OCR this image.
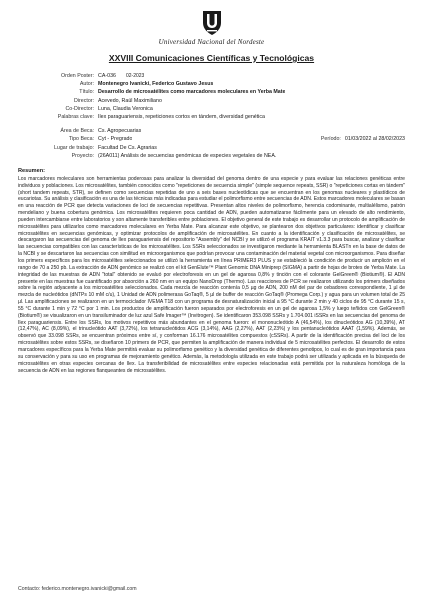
Universidad Nacional del Nordeste
XXVIII Comunicaciones Científicas y Tecnológicas
Orden Poster: CA-036 02-2023
Autor: Montenegro Ivanicki, Federico Gustavo Jesus
Título: Desarrollo de microsatélites como marcadores moleculares en Yerba Mate
Director: Acevedo, Raúl Maximiliano
Co-Director: Luna, Claudia Veronica
Palabras clave: Ilex paraguariensis, repeticiones cortos en tándem, diversidad genética
Área de Beca: Cs. Agropecuarias
Tipo Beca: Cyt - Pregrado	Período: 01/03/2022 al 28/02/2023
Lugar de trabajo: Facultad De Cs. Agrarias
Proyecto: (26A011) Análisis de secuencias genómicas de especies vegetales de NEA.
Resumen:
Los marcadores moleculares son herramientas poderosas para analizar la diversidad del genoma dentro de una especie y para evaluar las relaciones genéticas entre individuos y poblaciones. Los microsatélites, también conocidos como "repeticiones de secuencia simple" (simple sequence repeats, SSR) o "repeticiones cortas en tándem" (short tandem repeats, STR), se definen como secuencias repetidas de uno a seis bases nucleotídicas que se encuentran en los genomas nucleares y plastídicos de eucariotas. Su análisis y clasificación es una de las técnicas más indicadas para estudiar el polimorfismo entre secuencias de ADN. Estos marcadores moleculares se basan en una reacción de PCR que detecta variaciones de loci de secuencias repetitivas. Presentan altos niveles de polimorfismo, herencia codominante, multialélismo, patrón mendeliano y buena cobertura genómica. Los microsatélites requieren poca cantidad de ADN, pueden automatizarse fácilmente para un elevado de alto rendimiento, pueden intercambiarse entre laboratorios y son altamente transferibles entre poblaciones. El objetivo general de este trabajo es desarrollar un protocolo de amplificación de microsatélites para utilizarlos como marcadores moleculares en Yerba Mate. Para alcanzar este objetivo, se plantearon dos objetivos particulares: identificar y clasificar microsatélites en secuencias genómicas, y optimizar protocolos de amplificación de microsatélites. En cuanto a la identificación y clasificación de microsatélites, se descargaron las secuencias del genoma de Ilex paraguariensis del repositorio "Assembly" del NCBI y se utilizó el programa KRAIT v1.3.3 para buscar, analizar y clasificar las secuencias compatibles con las características de los microsatélites. Los SSRs seleccionados se investigaron mediante la herramienta BLASTn en la base de datos de la NCBI y se descartaron las secuencias con similitud en microorganismos que podrían provocar una contaminación del material vegetal con microorganismos. Para diseñar los primers específicos para los microsatélites seleccionados se utilizó la herramienta en línea PRIMER3 PLUS y se estableció la condición de producir un amplicón en el rango de 70 a 250 pb. La extracción de ADN genómico se realizó con el kit GenElute™ Plant Genomic DNA Miniprep (SIGMA) a partir de hojas de brotes de Yerba Mate. La integridad de las muestras de ADN "total" obtenido se evaluó por electroforesis en un gel de agarosa 0,8% y tinción con el colorante GelGreen® (Biotium®). El ADN presente en las muestras fue cuantificado por absorción a 260 nm en un equipo NanoDrop (Thermo). Las reacciones de PCR se realizaron utilizando los primers diseñados sobre la región adyacente a los microsatélites seleccionados. Cada mezcla de reacción contenía 0,5 µg de ADN, 200 nM del par de cebadores correspondiente, 1 µl de mezcla de nucleótidos (dNTPs 10 mM c/u), 1 Unidad de ADN polimerasa GoTaq®, 5 µl de buffer de reacción GoTaq® (Promega Corp.) y agua para un volumen total de 25 µl. Las amplificaciones se realizaron en un termociclador IVEMA T18 con un programa de desnaturalización inicial a 95 °C durante 2 min y 40 ciclos de 95 °C durante 15 s, 55 °C durante 1 min y 72 °C por 1 min. Los productos de amplificación fueron separados por electroforesis en un gel de agarosa 1,5% y luego teñidos con GelGreen® (Biotium®) se visualizaron en un transiluminador de luz azul Safe Imager™ (Invitrogen). Se identificaron 353.098 SSRs y 1.704.001 iSSRs en las secuencias del genoma de Ilex paraguariensis. Entre los SSRs, los motivos repetitivos más abundantes en el genoma fueron: el mononucleótido A (46,54%), los dinucleótidos AG (10,39%), AT (12,47%), AC (8,09%), el trinucleótido AAT (3,72%), los tetranucleótidos ACG (3,14%), AAG (2,27%), AAT (2,23%) y los pentanucleótidos AAAT (1,59%). Además, se observó que 33.098 SSRs, se encuentran próximos entre sí, y conforman 16.176 microsatélites compuestos (cSSRs). A partir de la identificación precisa del loci de los microsatélites sobre estos SSRs, se diseñaron 10 primers de PCR, que permiten la amplificación de manera individual de 5 microsatélites perfectos. El desarrollo de estos marcadores específicos para la Yerba Mate permitirá evaluar su polimorfismo genético y la diversidad genética de diferentes genotipos, lo cual es de gran importancia para su conservación y para su uso en programas de mejoramiento genético. Además, la metodología utilizada en este trabajo podrá ser utilizada y aplicada en la búsqueda de microsatélites en otras especies cercanas de Ilex. La transferibilidad de microsatélites entre especies relacionadas está permitida por la naturaleza homóloga de la secuencia de ADN en las regiones flanqueantes de microsatélites.
Contacto: federico.montenegro.ivanicki@gmail.com
